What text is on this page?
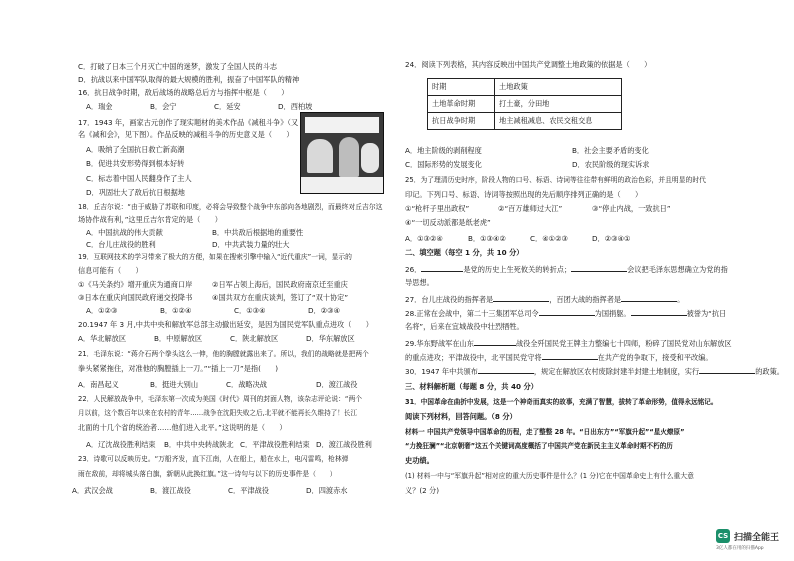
C．打破了日本三个月灭亡中国的迷梦，激发了全国人民的斗志
D．抗战以来中国军队取得的最大规模的胜利，振奋了中国军队的精神
16．抗日战争时期，敌后战场的战略总后方与指挥中枢是（　　）
A．瑞金	B．会宁	C．延安	D．西柏坡
17．1943 年，画家古元创作了现实题材的美术作品《减租斗争》（又
名《减和会》，见下图）。作品反映的减租斗争的历史意义是（　　）
A．吸纳了全国抗日救亡新高潮
B．促进共安形势得到根本好转
C．标志着中国人民翻身作了主人
D．巩固壮大了敌后抗日根据地
18．丘吉尔说：“由于威胁了苏联和印度，必将会导致整个战争中东部向各地剧烈，而最终对丘吉尔这
场协作战有利，”这里丘吉尔肯定的是（　　）
A．中国抗战的伟大贡献	B．中共敌后根据地的重要性
C．台儿庄战役的胜利	D．中共武装力量的壮大
19．互联网技术的学习带来了极大的方便，如果在搜索引擎中输入“近代重庆”一词，显示的
信息可能有（　　）
①《马关条约》增开重庆为通商口岸	②日军占领上海后，国民政府南京迁至重庆
③日本在重庆向国民政府递交投降书	④国共双方在重庆谈判，签订了“双十协定”
A．①②③	B．①②④	C．①③④	D．②③④
20.1947 年 3 月,中共中央和解放军总部主动撤出延安，是因为国民党军队重点进攻（　　）
A．华北解放区	B．中原解放区	C．陕北解放区	D．华东解放区
21．毛泽东说：“蒋介石两个拳头这么一伸，他的胸膛就露出来了。所以，我们的战略就是把两个
拳头紧紧拖住，对准他的胸膛插上一刀。”“插上一刀”是指(　　)
A．南昌起义	B．挺进大别山	C．战略决战	D．渡江战役
22．人民解放战争中，毛泽东第一次成为美国《时代》周刊的封面人物，该杂志评论说：“两个
月以前，这个数百年以来在农村的青年……战争在沈阳失败之后,北平就不能再长久维持了！长江
北面的十几个省的统治者……他们进入北平。”这说明的是（　　）
A．辽沈战役胜利结束 B．中共中央转战陕北 C．平津战役胜利结束 D．渡江战役胜利
23．诗歌可以反映历史。“万船齐发，直下江南，人在船上，船在水上，电闪雷鸣，枪林弹
雨在敌前，却将城头落白旗，新朝从此换红旗。”这一诗句与以下的历史事件是（　　）
A．武汉会战	B．渡江战役	C．平津战役	D．四渡赤水
24．阅读下列表格，其内容反映出中国共产党调整土地政策的依据是（　　）
时期	土地政策
土地革命时期	打土豪，分田地
抗日战争时期	地主减租减息、农民交租交息
A．地主阶级的剥削程度	B．社会主要矛盾的变化
C．国际形势的发展变化	D．农民阶级的现实诉求
25．为了理清历史时序，阶段人物的口号、标语、诗词等往往带有鲜明的政治色彩，并且明显的时代
印记。下列口号、标语、诗词等按照出现的先后顺序排列正确的是（　　）
①“枪杆子里出政权”	②“百万雄师过大江”	③“停止内战，一致抗日”
④“一切反动派都是纸老虎”
A．①③②④	B．①③④②	C．④①②③	D．②③④①
二、填空题（每空 1 分，共 10 分）
26．	是党的历史上生死攸关的转折点；	会议把毛泽东思想确立为党的指
导思想。
27．台儿庄战役的指挥者是	，百团大战的指挥者是	。
28.正常在会战中，第二十三集团军总司令	为国捐躯。	被誉为“抗日
名将”，后来在宜城战役中壮烈牺牲。
29.华东野战军在山东	战役全歼国民党王牌主力整编七十四师，粉碎了国民党对山东解放区
的重点进攻；平津战役中，北平国民党守将	在共产党的争取下，接受和平改编。
30．1947 年中共颁布	，规定在解放区农村废除封建半封建土地制度，实行	的政策。
三、材料解析题（每题 8 分，共 40 分）
31．中国革命在曲折中发展，这是一个神奇而真实的故事，充满了智慧，拔转了革命形势，值得永远铭记。
阅读下列材料，回答问题。（8 分）
材料一 中国共产党领导中国革命的历程，走了整整 28 年。“日出东方”“军旗升起”“星火燎原”
“力挽狂澜”“北京朝奢”这五个关键词高度概括了中国共产党在新民主主义革命时期不朽的历
史功绩。
(1) 材料一中与“军旗升起”相对应的重大历史事件是什么？(1 分)它在中国革命史上有什么重大意
义？(2 分)
CS 扫描全能王
3亿人都在用的扫描App
